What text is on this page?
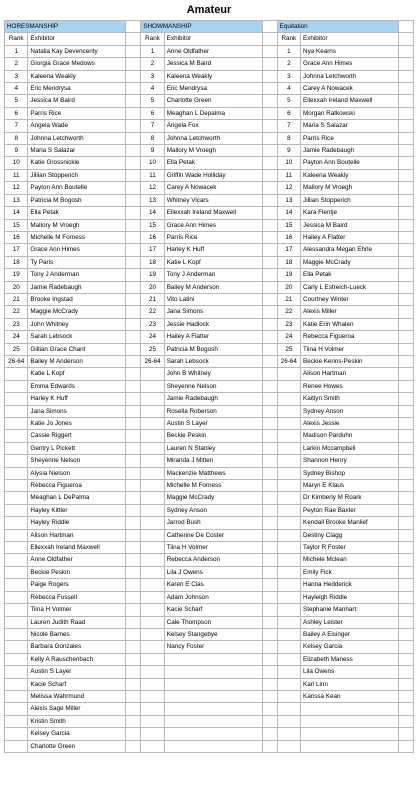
Amateur
HORESMANSHIP			SHOWMANSHIP			Equitation		
Rank	Exhibitor		Rank	Exhibitor		Rank	Exhibitor	
1	Natalia Kay Devencenty		1	Anne Oldfather		1	Nya Kearns	
2	Giorgia Grace Medows		2	Jessica M Baird		2	Grace Ann Himes	
3	Kaleena Weakly		3	Kaleena Weakly		3	Johnna Letchworth	
4	Eric Mendrysa		4	Eric Mendrysa		4	Carey A Nowacek	
5	Jessica M Baird		5	Charlotte Green		5	Ellexxah Ireland Maxwell	
6	Parris Rice		6	Meaghan L Depalma		6	Morgan Ratkowski	
7	Angela Wade		7	Angela Fox		7	Maria S Salazar	
8	Johnna Letchworth		8	Johnna Letchworth		8	Parris Rice	
9	Maria S Salazar		9	Mallory M Vroegh		9	Jamie Radebaugh	
10	Katie Grossnickle		10	Ella Petak		10	Payton Ann Boutelle	
11	Jillian Stopperich		11	Griffin Wade Holliday		11	Kaleena Weakly	
12	Payton Ann Boutelle		12	Carey A Nowacek		12	Mallory M Vroegh	
13	Patricia M Bogosh		13	Whitney Vicars		13	Jillian Stopperich	
14	Ella Petak		14	Ellexxah Ireland Maxwell		14	Kara Flentje	
15	Mallory M Vroegh		15	Grace Ann Himes		15	Jessica M Baird	
16	Michelle M Forness		16	Parris Rice		16	Hailey A Flatter	
17	Grace Ann Himes		17	Harley K Huff		17	Alessandra Megan Ehrle	
18	Ty Paris		18	Katie L Kopf		18	Maggie McCrady	
19	Tony J Anderman		19	Tony J Anderman		19	Ella Petak	
20	Jamie Radebaugh		20	Bailey M Anderson		20	Carly L Estreich-Lueck	
21	Brooke Ingstad		21	Vito Latini		21	Courtney Winter	
22	Maggie McCrady		22	Jana Simons		22	Alexis Miller	
23	John Whitney		23	Jessie Hadlock		23	Katie Erin Whalen	
24	Sarah Lebsock		24	Hailey A Flatter		24	Rebecca Figueroa	
25	Gillian Grace Chant		25	Patricia M Bogosh		25	Tiina H Volmer	
26-64	Bailey M Anderson		26-64	Sarah Lebsock		26-64	Beckie Kerins-Peskin	
	Katie L Kopf			John B Whitney			Alison Hartman	
	Emma Edwards			Sheyenne Nelson			Renee Howes	
	Harley K Huff			Jamie Radebaugh			Kaitlyn Smith	
	Jana Simons			Rosella Roberson			Sydney Anson	
	Katie Jo Jones			Austin S Layer			Alexis Jessie	
	Cassie Riggert			Beckie Peskin			Madison Parduhn	
	Gentry L Pickett			Lauren N Stanley			Larkin Mccampbell	
	Sheyenne Nelson			Miranda J Mitten			Shannon Henry	
	Alysia Nielson			Mackenzie Matthews			Sydney Bishop	
	Rebecca Figueroa			Michelle M Forness			Maryn E Klaus	
	Meaghan L DePalma			Maggie McCrady			Dr Kimberly M Roark	
	Hayley Kittler			Sydney Anson			Peyton Rae Baxter	
	Hayley Riddle			Jarrod Bush			Kendall Brooke Manlief	
	Alison Hartman			Catherine De Coster			Destiny Clagg	
	Ellexxah Ireland Maxwell			Tiina H Volmer			Taylor R Foster	
	Anne Oldfather			Rebecca Anderson			Michele Mclean	
	Beckie Peskin			Lila J Owens			Emily Fick	
	Paige Rogers			Karen E Cias			Hanna Hedderick	
	Rebecca Fussell			Adam Johnson			Hayleigh Riddle	
	Tiina H Volmer			Kacie Scharf			Stephanie Manhart	
	Lauren Judith Raad			Cale Thompson			Ashley Leister	
	Nicole Barnes			Kelsey Stangebye			Bailey A Eisinger	
	Barbara Gonzales			Nancy Foster			Kelsey Garcia	
	Kelly A Rauschenbach						Elizabeth Maness	
	Austin S Layer						Lila Owens	
	Kacie Scharf						Kari Linn	
	Melissa Wahrmund						Karissa Kean	
	Alexis Sage Miller							
	Kristin Smith							
	Kelsey Garcia							
	Charlotte Green							
